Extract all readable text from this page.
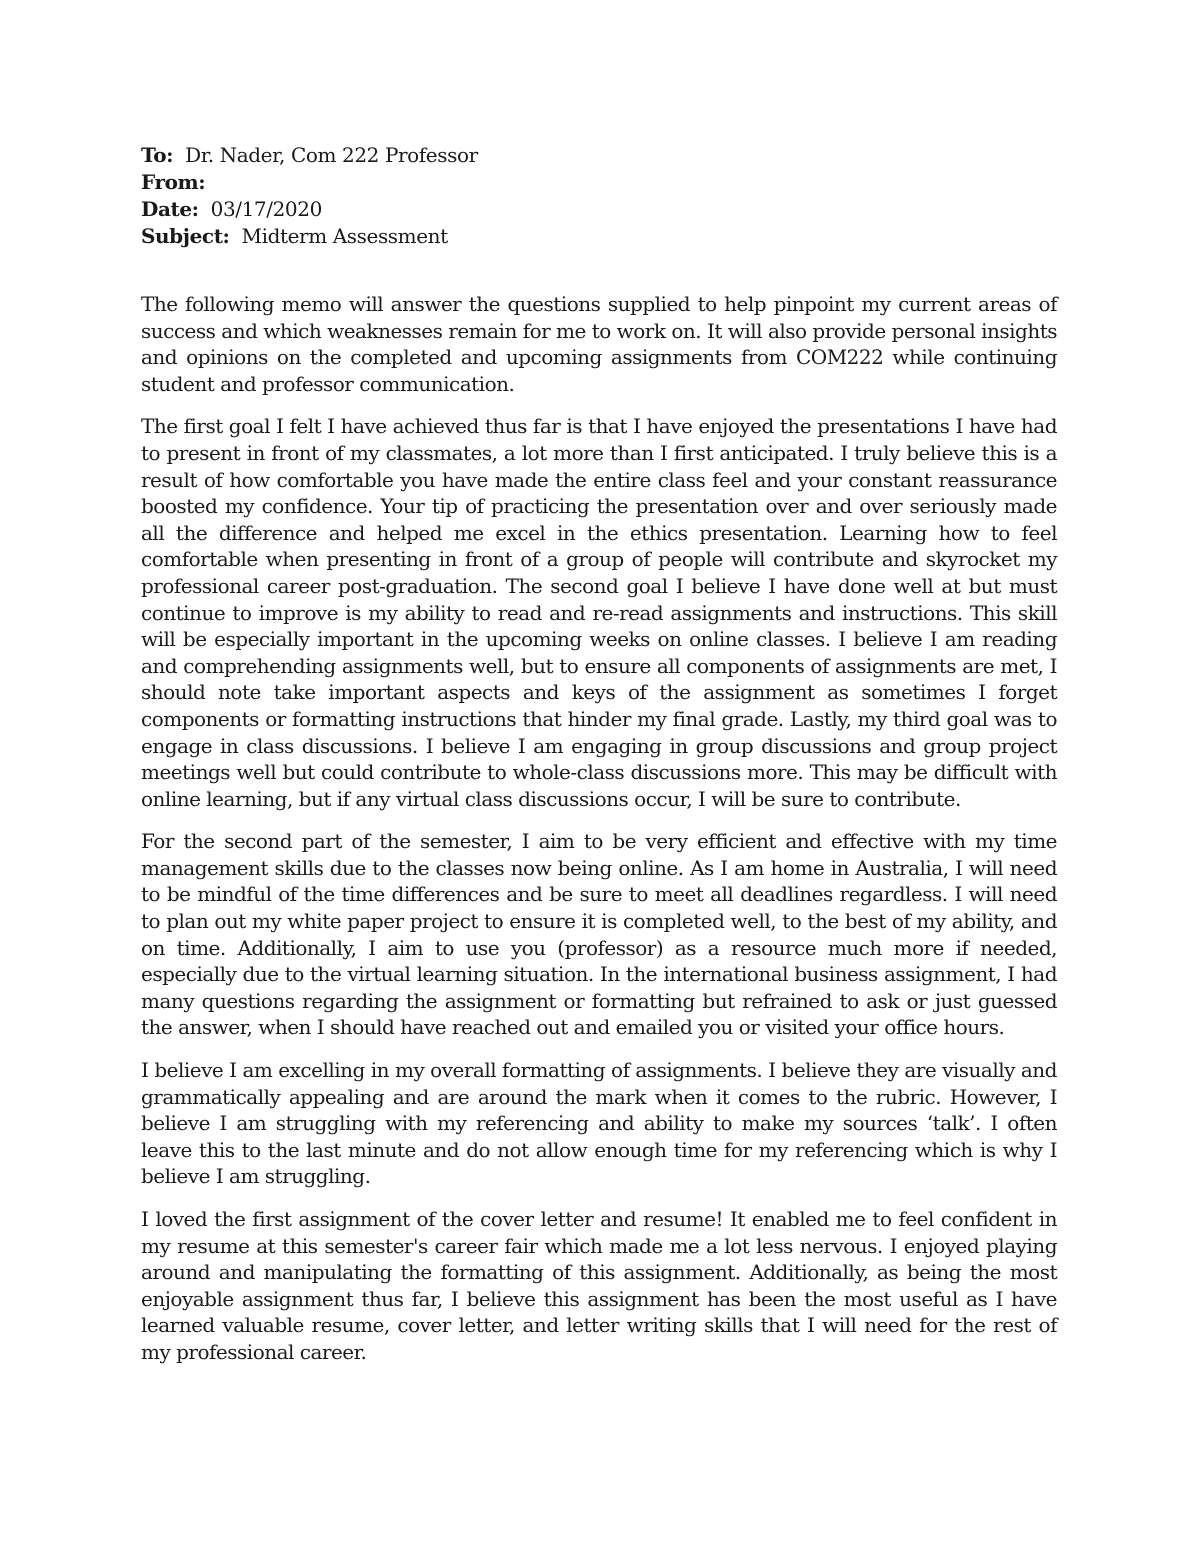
To: Dr. Nader, Com 222 Professor
From:
Date: 03/17/2020
Subject: Midterm Assessment

The following memo will answer the questions supplied to help pinpoint my current areas of success and which weaknesses remain for me to work on. It will also provide personal insights and opinions on the completed and upcoming assignments from COM222 while continuing student and professor communication.

The first goal I felt I have achieved thus far is that I have enjoyed the presentations I have had to present in front of my classmates, a lot more than I first anticipated. I truly believe this is a result of how comfortable you have made the entire class feel and your constant reassurance boosted my confidence. Your tip of practicing the presentation over and over seriously made all the difference and helped me excel in the ethics presentation. Learning how to feel comfortable when presenting in front of a group of people will contribute and skyrocket my professional career post-graduation. The second goal I believe I have done well at but must continue to improve is my ability to read and re-read assignments and instructions. This skill will be especially important in the upcoming weeks on online classes. I believe I am reading and comprehending assignments well, but to ensure all components of assignments are met, I should note take important aspects and keys of the assignment as sometimes I forget components or formatting instructions that hinder my final grade. Lastly, my third goal was to engage in class discussions. I believe I am engaging in group discussions and group project meetings well but could contribute to whole-class discussions more. This may be difficult with online learning, but if any virtual class discussions occur, I will be sure to contribute.

For the second part of the semester, I aim to be very efficient and effective with my time management skills due to the classes now being online. As I am home in Australia, I will need to be mindful of the time differences and be sure to meet all deadlines regardless. I will need to plan out my white paper project to ensure it is completed well, to the best of my ability, and on time. Additionally, I aim to use you (professor) as a resource much more if needed, especially due to the virtual learning situation. In the international business assignment, I had many questions regarding the assignment or formatting but refrained to ask or just guessed the answer, when I should have reached out and emailed you or visited your office hours.

I believe I am excelling in my overall formatting of assignments. I believe they are visually and grammatically appealing and are around the mark when it comes to the rubric. However, I believe I am struggling with my referencing and ability to make my sources ‘talk’. I often leave this to the last minute and do not allow enough time for my referencing which is why I believe I am struggling.

I loved the first assignment of the cover letter and resume! It enabled me to feel confident in my resume at this semester's career fair which made me a lot less nervous. I enjoyed playing around and manipulating the formatting of this assignment. Additionally, as being the most enjoyable assignment thus far, I believe this assignment has been the most useful as I have learned valuable resume, cover letter, and letter writing skills that I will need for the rest of my professional career.
